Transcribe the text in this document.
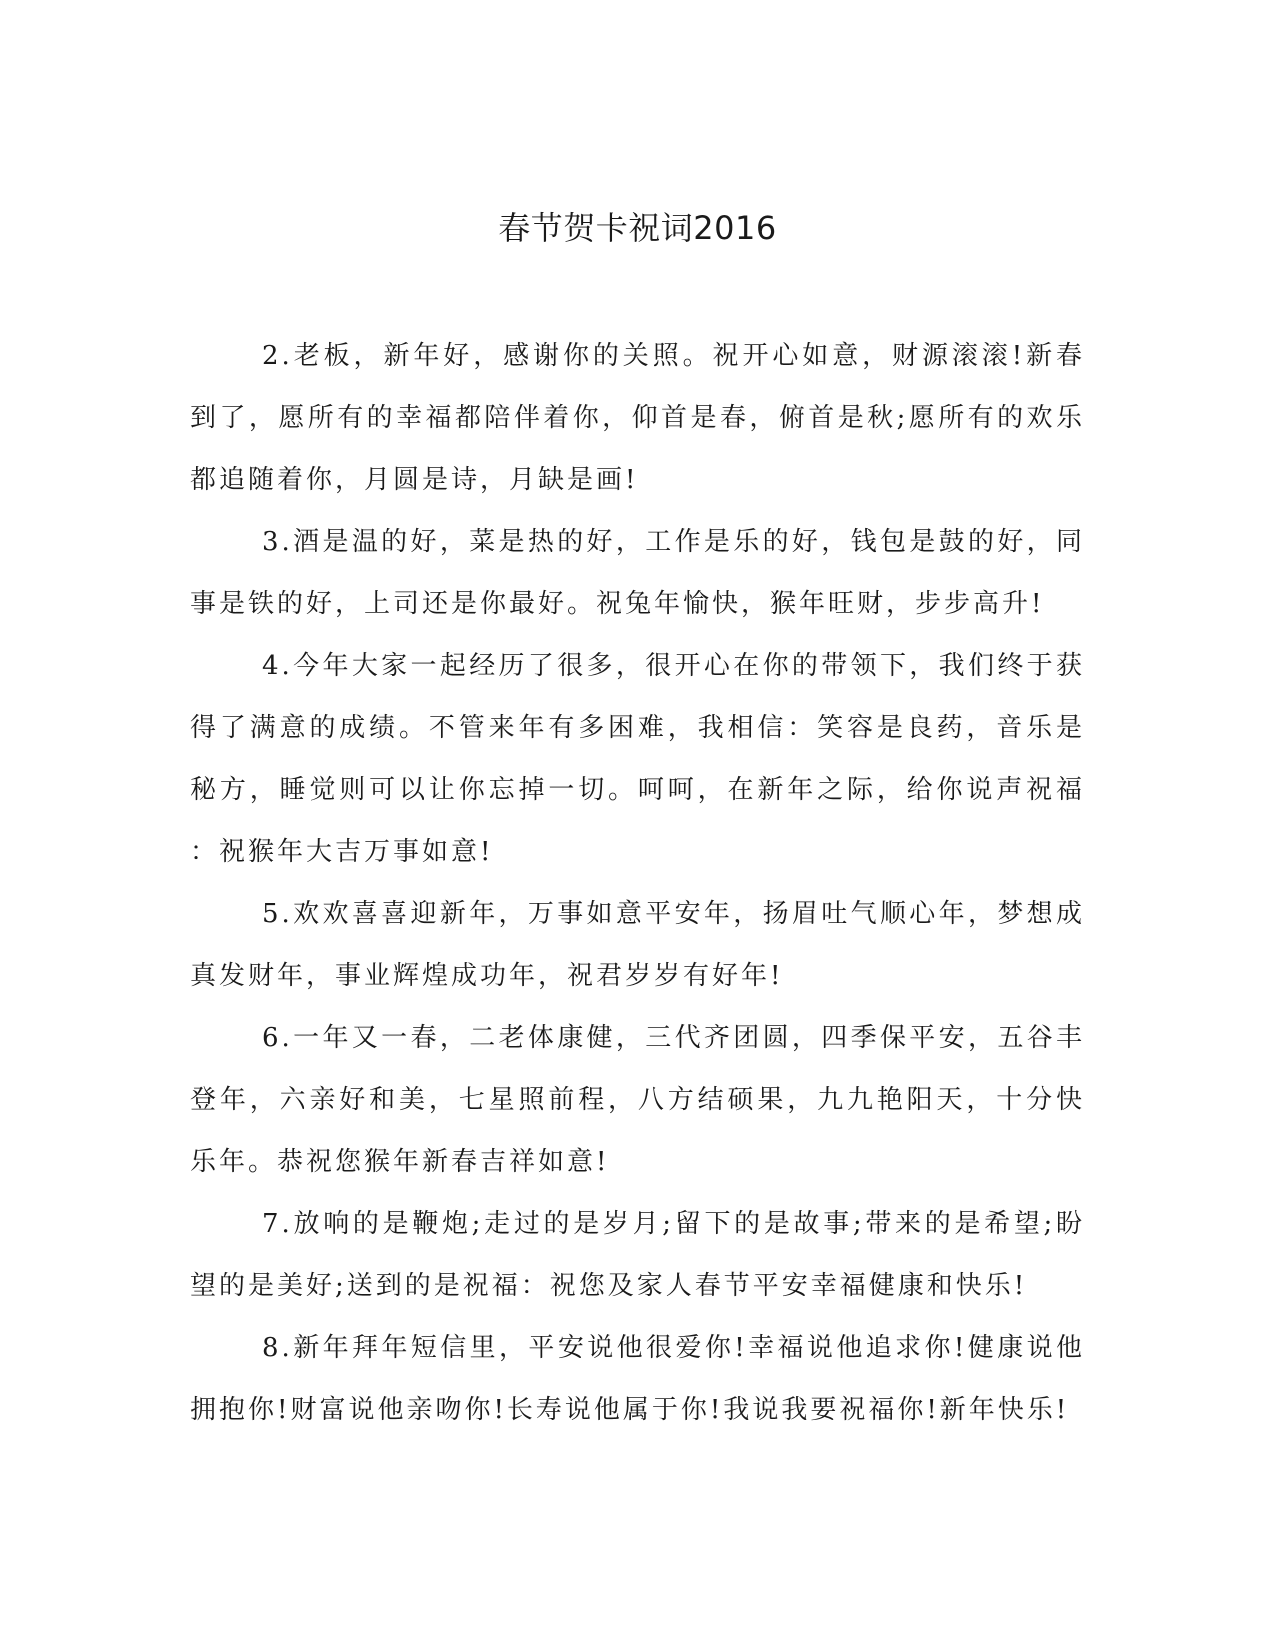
春节贺卡祝词2016

2.老板，新年好，感谢你的关照。祝开心如意，财源滚滚!新春到了，愿所有的幸福都陪伴着你，仰首是春，俯首是秋;愿所有的欢乐都追随着你，月圆是诗，月缺是画!

3.酒是温的好，菜是热的好，工作是乐的好，钱包是鼓的好，同事是铁的好，上司还是你最好。祝兔年愉快，猴年旺财，步步高升!

4.今年大家一起经历了很多，很开心在你的带领下，我们终于获得了满意的成绩。不管来年有多困难，我相信：笑容是良药，音乐是秘方，睡觉则可以让你忘掉一切。呵呵，在新年之际，给你说声祝福：祝猴年大吉万事如意!

5.欢欢喜喜迎新年，万事如意平安年，扬眉吐气顺心年，梦想成真发财年，事业辉煌成功年，祝君岁岁有好年!

6.一年又一春，二老体康健，三代齐团圆，四季保平安，五谷丰登年，六亲好和美，七星照前程，八方结硕果，九九艳阳天，十分快乐年。恭祝您猴年新春吉祥如意!

7.放响的是鞭炮;走过的是岁月;留下的是故事;带来的是希望;盼望的是美好;送到的是祝福：祝您及家人春节平安幸福健康和快乐!

8.新年拜年短信里，平安说他很爱你!幸福说他追求你!健康说他拥抱你!财富说他亲吻你!长寿说他属于你!我说我要祝福你!新年快乐!
